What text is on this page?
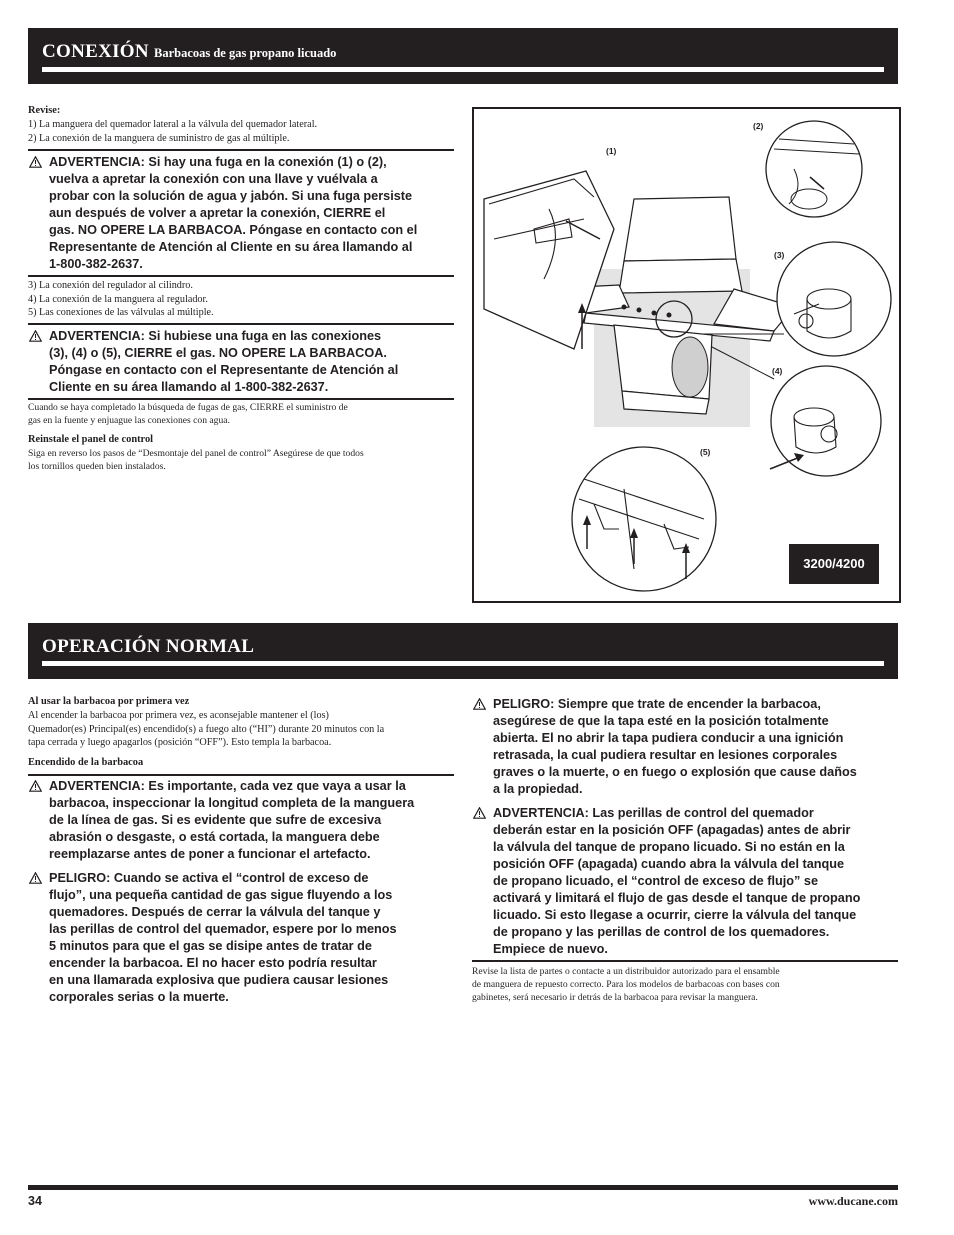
CONEXIÓN Barbacoas de gas propano licuado
Revise:
1) La manguera del quemador lateral a la válvula del quemador lateral.
2) La conexión de la manguera de suministro de gas al múltiple.
ADVERTENCIA: Si hay una fuga en la conexión (1) o (2),
vuelva a apretar la conexión con una llave y vuélvala a
probar con la solución de agua y jabón. Si una fuga persiste
aun después de volver a apretar la conexión, CIERRE el
gas. NO OPERE LA BARBACOA. Póngase en contacto con el
Representante de Atención al Cliente en su área llamando al
1-800-382-2637.
3) La conexión del regulador al cilindro.
4) La conexión de la manguera al regulador.
5) Las conexiones de las válvulas al múltiple.
ADVERTENCIA: Si hubiese una fuga en las conexiones
(3), (4) o (5), CIERRE el gas. NO OPERE LA BARBACOA.
Póngase en contacto con el Representante de Atención al
Cliente en su área llamando al 1-800-382-2637.
Cuando se haya completado la búsqueda de fugas de gas, CIERRE el suministro de
gas en la fuente y enjuague las conexiones con agua.
Reinstale el panel de control
Siga en reverso los pasos de “Desmontaje del panel de control” Asegúrese de que todos
los tornillos queden bien instalados.
(1)
(2)
(3)
(4)
(5)
3200/4200
OPERACIÓN NORMAL
Al usar la barbacoa por primera vez
Al encender la barbacoa por primera vez, es aconsejable mantener el (los)
Quemador(es) Principal(es) encendido(s) a fuego alto (“HI”) durante 20 minutos con la
tapa cerrada y luego apagarlos (posición “OFF”). Esto templa la barbacoa.
Encendido de la barbacoa
ADVERTENCIA: Es importante, cada vez que vaya a usar la
barbacoa, inspeccionar la longitud completa de la manguera
de la línea de gas. Si es evidente que sufre de excesiva
abrasión o desgaste, o está cortada, la manguera debe
reemplazarse antes de poner a funcionar el artefacto.
PELIGRO: Cuando se activa el “control de exceso de
flujo”, una pequeña cantidad de gas sigue fluyendo a los
quemadores. Después de cerrar la válvula del tanque y
las perillas de control del quemador, espere por lo menos
5 minutos para que el gas se disipe antes de tratar de
encender la barbacoa. El no hacer esto podría resultar
en una llamarada explosiva que pudiera causar lesiones
corporales serias o la muerte.
PELIGRO: Siempre que trate de encender la barbacoa,
asegúrese de que la tapa esté en la posición totalmente
abierta. El no abrir la tapa pudiera conducir a una ignición
retrasada, la cual pudiera resultar en lesiones corporales
graves o la muerte, o en fuego o explosión que cause daños
a la propiedad.
ADVERTENCIA: Las perillas de control del quemador
deberán estar en la posición OFF (apagadas) antes de abrir
la válvula del tanque de propano licuado. Si no están en la
posición OFF (apagada) cuando abra la válvula del tanque
de propano licuado, el “control de exceso de flujo” se
activará y limitará el flujo de gas desde el tanque de propano
licuado. Si esto llegase a ocurrir, cierre la válvula del tanque
de propano y las perillas de control de los quemadores.
Empiece de nuevo.
Revise la lista de partes o contacte a un distribuidor autorizado para el ensamble
de manguera de repuesto correcto. Para los modelos de barbacoas con bases con
gabinetes, será necesario ir detrás de la barbacoa para revisar la manguera.
34	www.ducane.com
